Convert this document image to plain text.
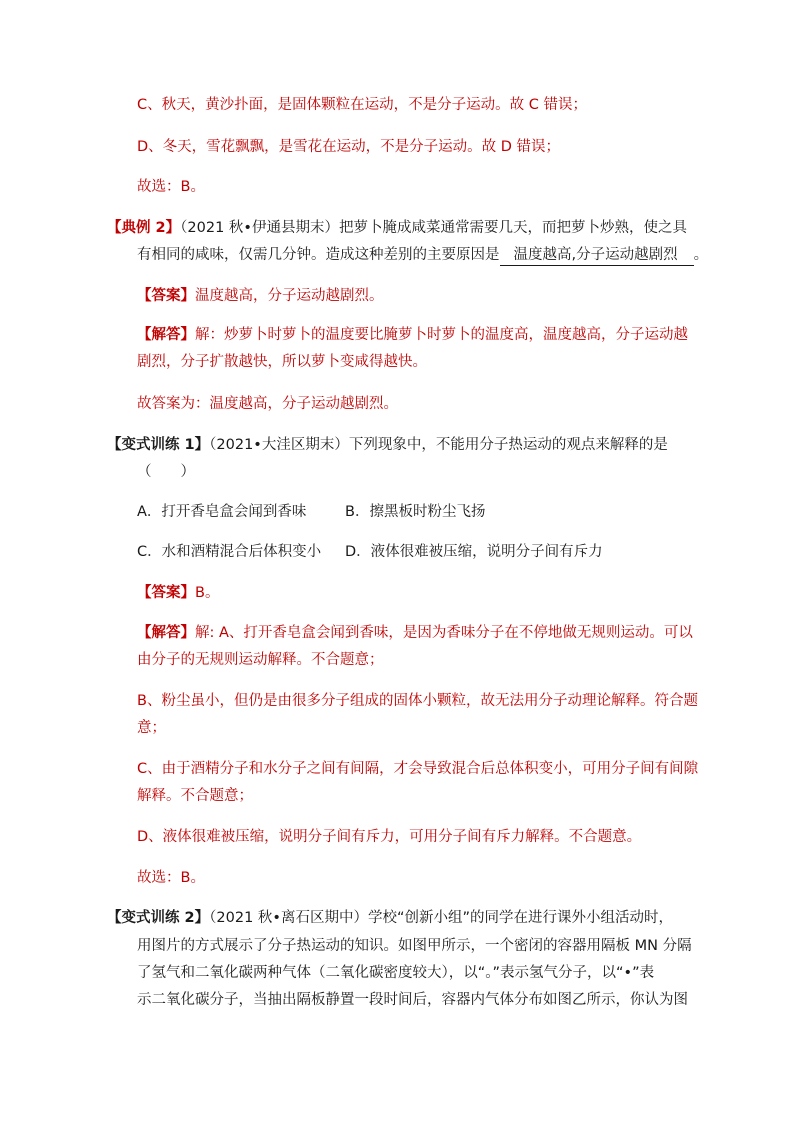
C、秋天，黄沙扑面，是固体颗粒在运动，不是分子运动。故 C 错误；
D、冬天，雪花飘飘，是雪花在运动，不是分子运动。故 D 错误；
故选：B。
【典例 2】（2021 秋•伊通县期末）把萝卜腌成咸菜通常需要几天，而把萝卜炒熟，使之具
有相同的咸味，仅需几分钟。造成这种差别的主要原因是 温度越高,分子运动越剧烈 。
【答案】温度越高，分子运动越剧烈。
【解答】解：炒萝卜时萝卜的温度要比腌萝卜时萝卜的温度高，温度越高，分子运动越
剧烈，分子扩散越快，所以萝卜变咸得越快。
故答案为：温度越高，分子运动越剧烈。
【变式训练 1】（2021•大洼区期末）下列现象中，不能用分子热运动的观点来解释的是
（　　）
A．打开香皂盒会闻到香味	B．擦黑板时粉尘飞扬
C．水和酒精混合后体积变小 D．液体很难被压缩，说明分子间有斥力
【答案】B。
【解答】解: A、打开香皂盒会闻到香味，是因为香味分子在不停地做无规则运动。可以
由分子的无规则运动解释。不合题意；
B、粉尘虽小，但仍是由很多分子组成的固体小颗粒，故无法用分子动理论解释。符合题
意；
C、由于酒精分子和水分子之间有间隔，才会导致混合后总体积变小，可用分子间有间隙
解释。不合题意；
D、液体很难被压缩，说明分子间有斥力，可用分子间有斥力解释。不合题意。
故选：B。
【变式训练 2】（2021 秋•离石区期中）学校“创新小组”的同学在进行课外小组活动时，
用图片的方式展示了分子热运动的知识。如图甲所示，一个密闭的容器用隔板 MN 分隔
了氢气和二氧化碳两种气体（二氧化碳密度较大），以“。”表示氢气分子，以“•”表
示二氧化碳分子，当抽出隔板静置一段时间后，容器内气体分布如图乙所示，你认为图
